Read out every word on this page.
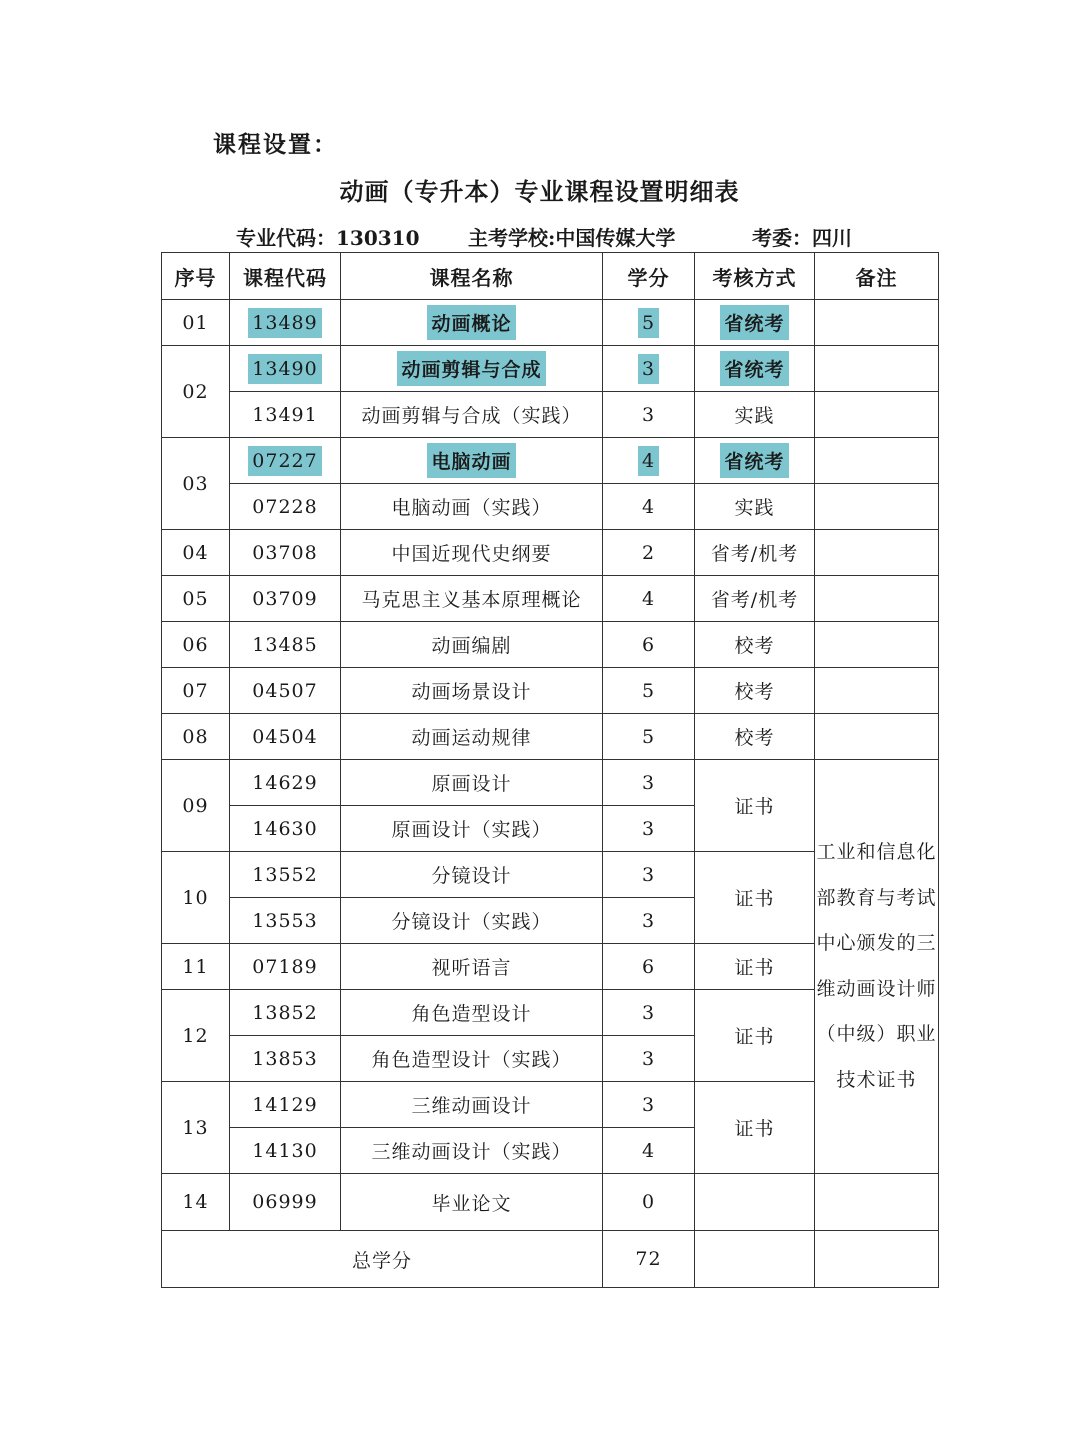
课程设置：
动画（专升本）专业课程设置明细表
专业代码：130310 主考学校:中国传媒大学	考委：四川
序号	课程代码	课程名称	学分	考核方式	备注
01	13489	动画概论	5	省统考	
02	13490	动画剪辑与合成	3	省统考	
	13491	动画剪辑与合成（实践）	3	实践	
03	07227	电脑动画	4	省统考	
	07228	电脑动画（实践）	4	实践	
04	03708	中国近现代史纲要	2	省考/机考	
05	03709	马克思主义基本原理概论	4	省考/机考	
06	13485	动画编剧	6	校考	
07	04507	动画场景设计	5	校考	
08	04504	动画运动规律	5	校考	
09	14629	原画设计	3	证书	工业和信息化部教育与考试中心颁发的三维动画设计师（中级）职业技术证书
	14630	原画设计（实践）	3		
10	13552	分镜设计	3	证书	
	13553	分镜设计（实践）	3		
11	07189	视听语言	6	证书	
12	13852	角色造型设计	3	证书	
	13853	角色造型设计（实践）	3		
13	14129	三维动画设计	3	证书	
	14130	三维动画设计（实践）	4		
14	06999	毕业论文	0		
总学分			72		
